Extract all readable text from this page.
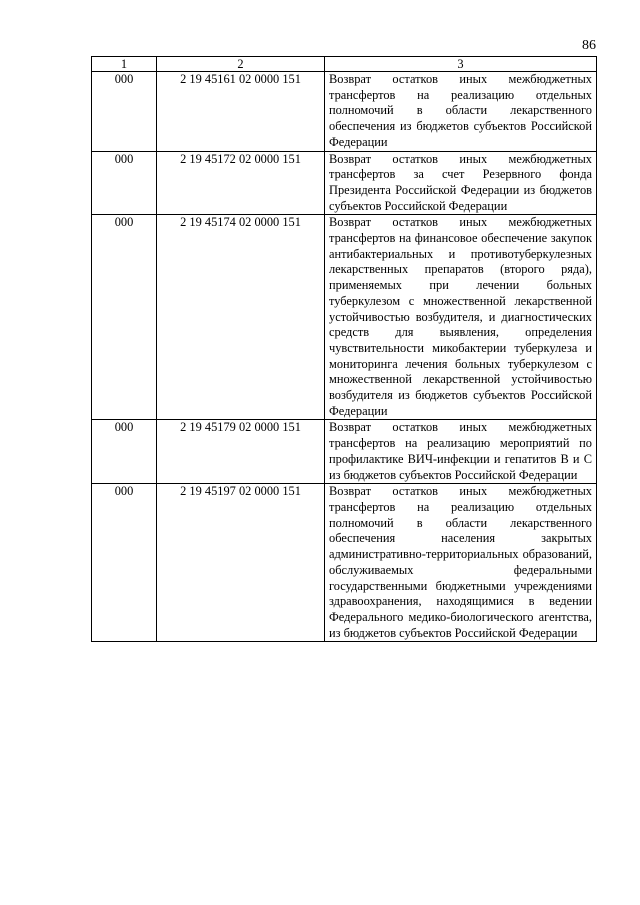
86
1	2	3
000	2 19 45161 02 0000 151	Возврат остатков иных межбюджетных трансфертов на реализацию отдельных полномочий в области лекарственного обеспечения из бюджетов субъектов Российской Федерации
000	2 19 45172 02 0000 151	Возврат остатков иных межбюджетных трансфертов за счет Резервного фонда Президента Российской Федерации из бюджетов субъектов Российской Федерации
000	2 19 45174 02 0000 151	Возврат остатков иных межбюджетных трансфертов на финансовое обеспечение закупок антибактериальных и противотуберкулезных лекарственных препаратов (второго ряда), применяемых при лечении больных туберкулезом с множественной лекарственной устойчивостью возбудителя, и диагностических средств для выявления, определения чувствительности микобактерии туберкулеза и мониторинга лечения больных туберкулезом с множественной лекарственной устойчивостью возбудителя из бюджетов субъектов Российской Федерации
000	2 19 45179 02 0000 151	Возврат остатков иных межбюджетных трансфертов на реализацию мероприятий по профилактике ВИЧ-инфекции и гепатитов B и C из бюджетов субъектов Российской Федерации
000	2 19 45197 02 0000 151	Возврат остатков иных межбюджетных трансфертов на реализацию отдельных полномочий в области лекарственного обеспечения населения закрытых административно-территориальных образований, обслуживаемых федеральными государственными бюджетными учреждениями здравоохранения, находящимися в ведении Федерального медико-биологического агентства, из бюджетов субъектов Российской Федерации
